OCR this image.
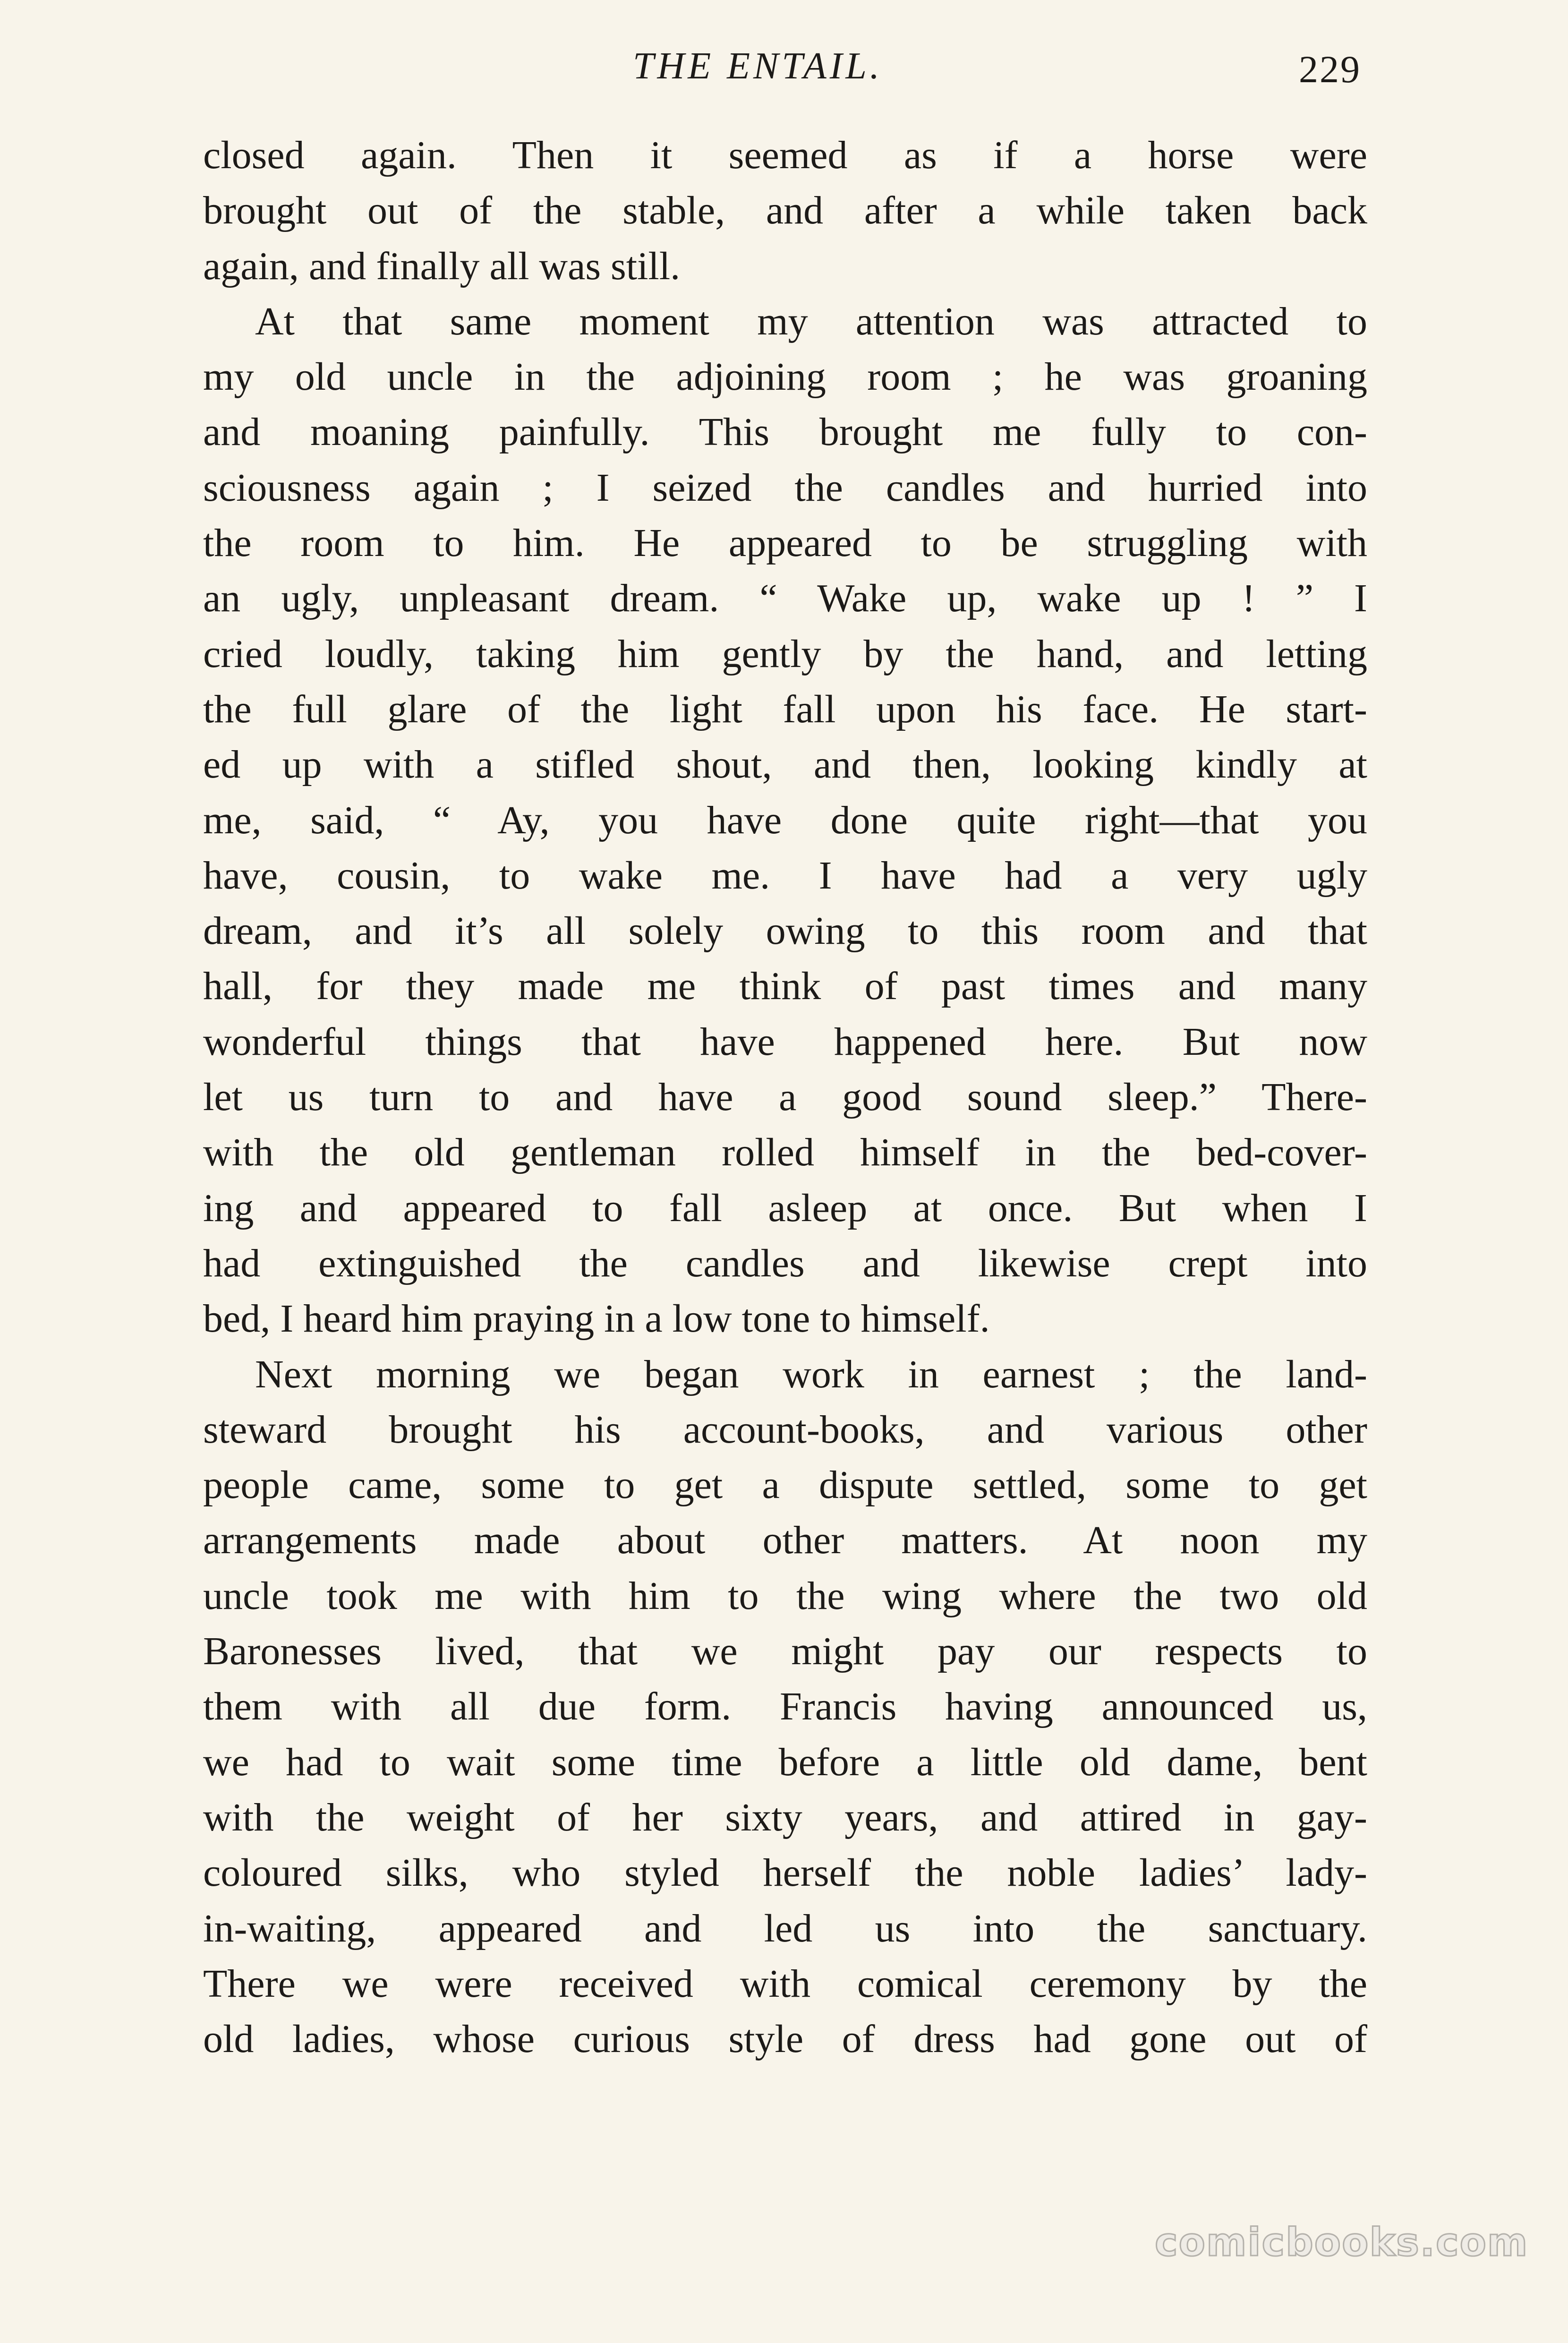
THE ENTAIL.	229
closed again. Then it seemed as if a horse were
brought out of the stable, and after a while taken back
again, and finally all was still.
At that same moment my attention was attracted to
my old uncle in the adjoining room ; he was groaning
and moaning painfully. This brought me fully to con-
sciousness again ; I seized the candles and hurried into
the room to him. He appeared to be struggling with
an ugly, unpleasant dream. “ Wake up, wake up ! ” I
cried loudly, taking him gently by the hand, and letting
the full glare of the light fall upon his face. He start-
ed up with a stifled shout, and then, looking kindly at
me, said, “ Ay, you have done quite right—that you
have, cousin, to wake me. I have had a very ugly
dream, and it’s all solely owing to this room and that
hall, for they made me think of past times and many
wonderful things that have happened here. But now
let us turn to and have a good sound sleep.” There-
with the old gentleman rolled himself in the bed-cover-
ing and appeared to fall asleep at once. But when I
had extinguished the candles and likewise crept into
bed, I heard him praying in a low tone to himself.
Next morning we began work in earnest ; the land-
steward brought his account-books, and various other
people came, some to get a dispute settled, some to get
arrangements made about other matters. At noon my
uncle took me with him to the wing where the two old
Baronesses lived, that we might pay our respects to
them with all due form. Francis having announced us,
we had to wait some time before a little old dame, bent
with the weight of her sixty years, and attired in gay-
coloured silks, who styled herself the noble ladies’ lady-
in-waiting, appeared and led us into the sanctuary.
There we were received with comical ceremony by the
old ladies, whose curious style of dress had gone out of
comicbooks.com
